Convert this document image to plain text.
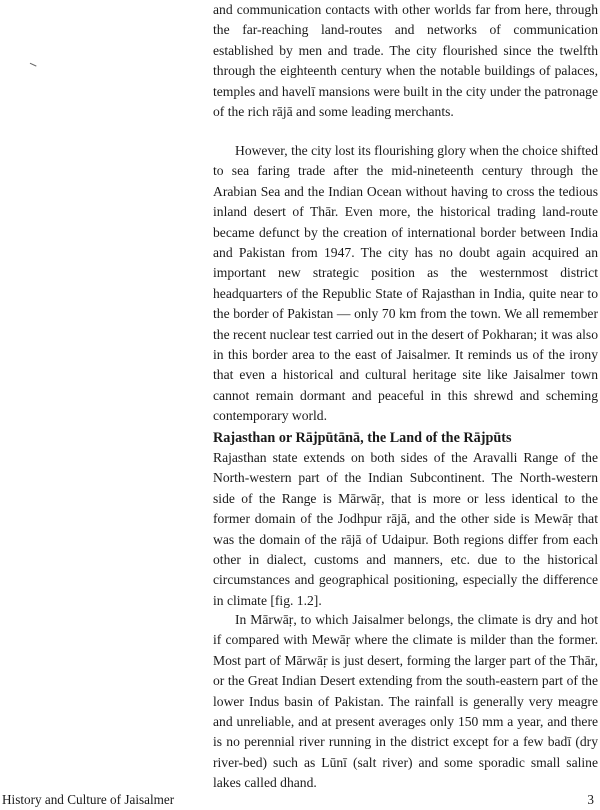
and communication contacts with other worlds far from here, through the far-reaching land-routes and networks of communication established by men and trade. The city flourished since the twelfth through the eighteenth century when the notable buildings of palaces, temples and havelī mansions were built in the city under the patronage of the rich rājā and some leading merchants.

However, the city lost its flourishing glory when the choice shifted to sea faring trade after the mid-nineteenth century through the Arabian Sea and the Indian Ocean without having to cross the tedious inland desert of Thār. Even more, the historical trading land-route became defunct by the creation of international border between India and Pakistan from 1947. The city has no doubt again acquired an important new strategic position as the westernmost district headquarters of the Republic State of Rajasthan in India, quite near to the border of Pakistan — only 70 km from the town. We all remember the recent nuclear test carried out in the desert of Pokharan; it was also in this border area to the east of Jaisalmer. It reminds us of the irony that even a historical and cultural heritage site like Jaisalmer town cannot remain dormant and peaceful in this shrewd and scheming contemporary world.

Rajasthan or Rājpūtānā, the Land of the Rājpūts

Rajasthan state extends on both sides of the Aravalli Range of the North-western part of the Indian Subcontinent. The North-western side of the Range is Mārwāṛ, that is more or less identical to the former domain of the Jodhpur rājā, and the other side is Mewāṛ that was the domain of the rājā of Udaipur. Both regions differ from each other in dialect, customs and manners, etc. due to the historical circumstances and geographical positioning, especially the difference in climate [fig. 1.2].

In Mārwāṛ, to which Jaisalmer belongs, the climate is dry and hot if compared with Mewāṛ where the climate is milder than the former. Most part of Mārwāṛ is just desert, forming the larger part of the Thār, or the Great Indian Desert extending from the south-eastern part of the lower Indus basin of Pakistan. The rainfall is generally very meagre and unreliable, and at present averages only 150 mm a year, and there is no perennial river running in the district except for a few badī (dry river-bed) such as Lūnī (salt river) and some sporadic small saline lakes called dhand.

History and Culture of Jaisalmer	3
